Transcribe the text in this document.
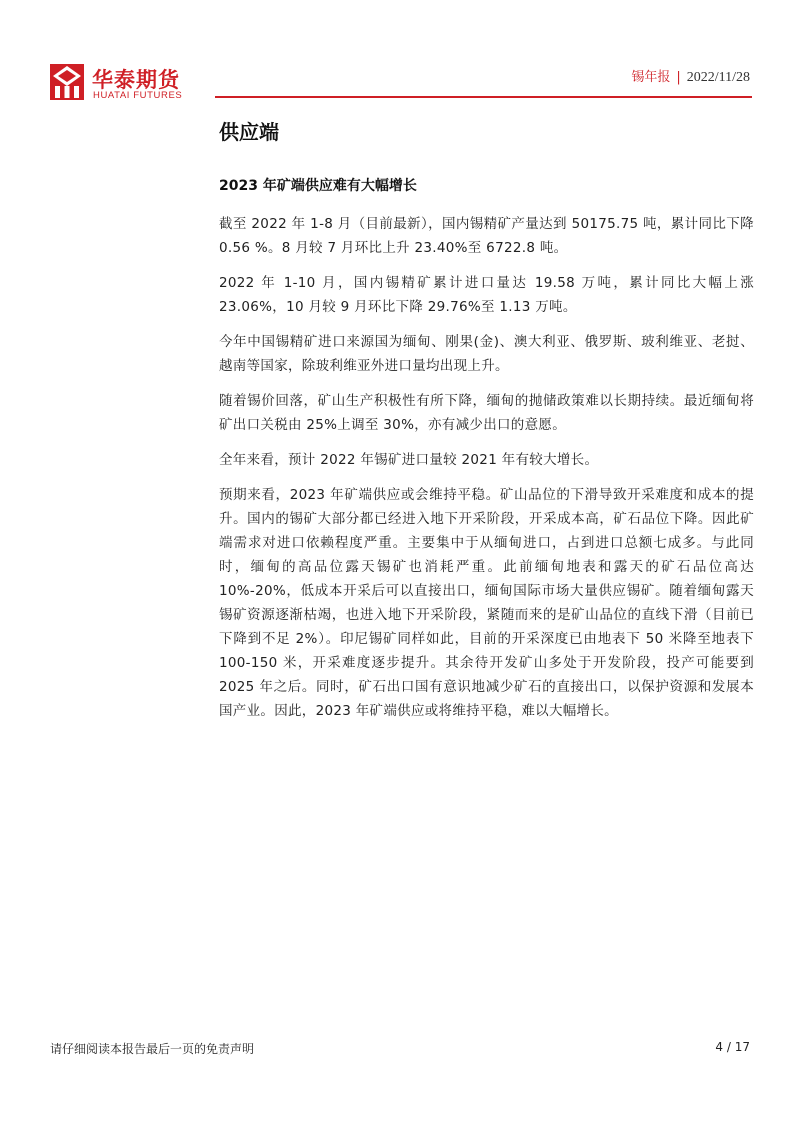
华泰期货
HUATAI FUTURES
锡年报 | 2022/11/28
供应端
2023 年矿端供应难有大幅增长

截至 2022 年 1-8 月（目前最新），国内锡精矿产量达到 50175.75 吨，累计同比下降 0.56 %。8 月较 7 月环比上升 23.40%至 6722.8 吨。

2022 年 1-10 月，国内锡精矿累计进口量达 19.58 万吨，累计同比大幅上涨 23.06%，10 月较 9 月环比下降 29.76%至 1.13 万吨。

今年中国锡精矿进口来源国为缅甸、刚果(金)、澳大利亚、俄罗斯、玻利维亚、老挝、越南等国家，除玻利维亚外进口量均出现上升。

随着锡价回落，矿山生产积极性有所下降，缅甸的抛储政策难以长期持续。最近缅甸将矿出口关税由 25%上调至 30%，亦有减少出口的意愿。

全年来看，预计 2022 年锡矿进口量较 2021 年有较大增长。

预期来看，2023 年矿端供应或会维持平稳。矿山品位的下滑导致开采难度和成本的提升。国内的锡矿大部分都已经进入地下开采阶段，开采成本高，矿石品位下降。因此矿端需求对进口依赖程度严重。主要集中于从缅甸进口，占到进口总额七成多。与此同时，缅甸的高品位露天锡矿也消耗严重。此前缅甸地表和露天的矿石品位高达 10%-20%，低成本开采后可以直接出口，缅甸国际市场大量供应锡矿。随着缅甸露天锡矿资源逐渐枯竭，也进入地下开采阶段，紧随而来的是矿山品位的直线下滑（目前已下降到不足 2%）。印尼锡矿同样如此，目前的开采深度已由地表下 50 米降至地表下 100-150 米，开采难度逐步提升。其余待开发矿山多处于开发阶段，投产可能要到 2025 年之后。同时，矿石出口国有意识地减少矿石的直接出口，以保护资源和发展本国产业。因此，2023 年矿端供应或将维持平稳，难以大幅增长。

请仔细阅读本报告最后一页的免责声明	4 / 17
